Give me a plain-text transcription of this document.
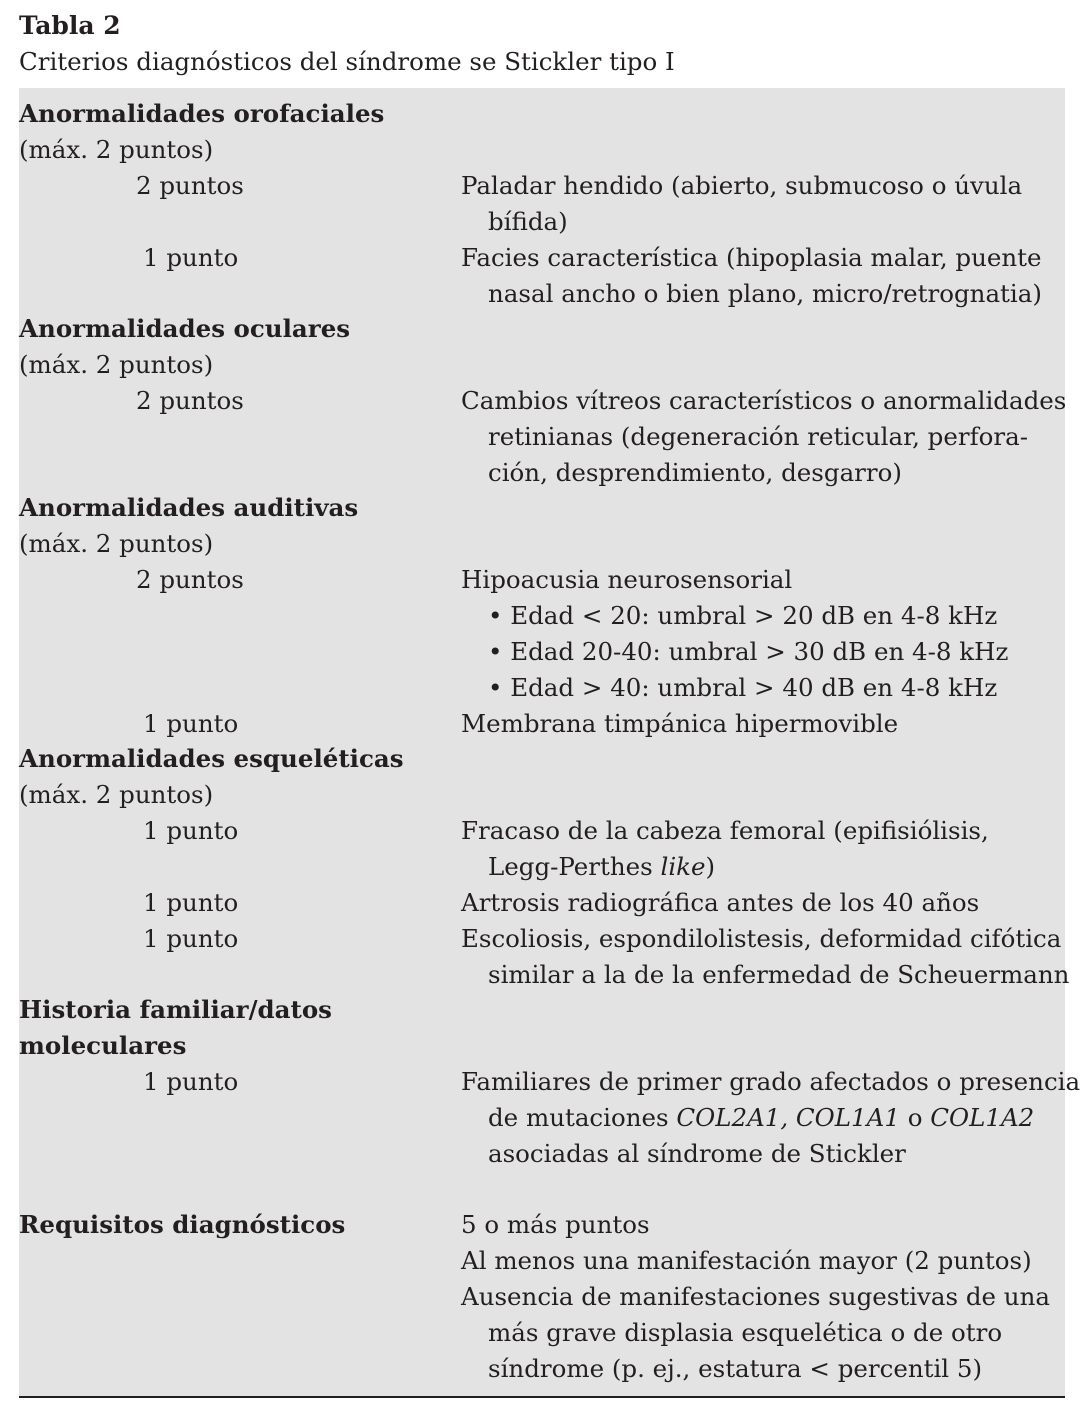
Tabla 2
Criterios diagnósticos del síndrome se Stickler tipo I
Anormalidades orofaciales
(máx. 2 puntos)
2 puntos	Paladar hendido (abierto, submucoso o úvula
bífida)
1 punto	Facies característica (hipoplasia malar, puente
nasal ancho o bien plano, micro/retrognatia)
Anormalidades oculares
(máx. 2 puntos)
2 puntos	Cambios vítreos característicos o anormalidades
retinianas (degeneración reticular, perfora-
ción, desprendimiento, desgarro)
Anormalidades auditivas
(máx. 2 puntos)
2 puntos	Hipoacusia neurosensorial
• Edad < 20: umbral > 20 dB en 4-8 kHz
• Edad 20-40: umbral > 30 dB en 4-8 kHz
• Edad > 40: umbral > 40 dB en 4-8 kHz
1 punto	Membrana timpánica hipermovible
Anormalidades esqueléticas
(máx. 2 puntos)
1 punto	Fracaso de la cabeza femoral (epifisiólisis,
Legg-Perthes like)
1 punto	Artrosis radiográfica antes de los 40 años
1 punto	Escoliosis, espondilolistesis, deformidad cifótica
similar a la de la enfermedad de Scheuermann
Historia familiar/datos
moleculares
1 punto	Familiares de primer grado afectados o presencia
de mutaciones COL2A1, COL1A1 o COL1A2
asociadas al síndrome de Stickler
Requisitos diagnósticos	5 o más puntos
Al menos una manifestación mayor (2 puntos)
Ausencia de manifestaciones sugestivas de una
más grave displasia esquelética o de otro
síndrome (p. ej., estatura < percentil 5)
